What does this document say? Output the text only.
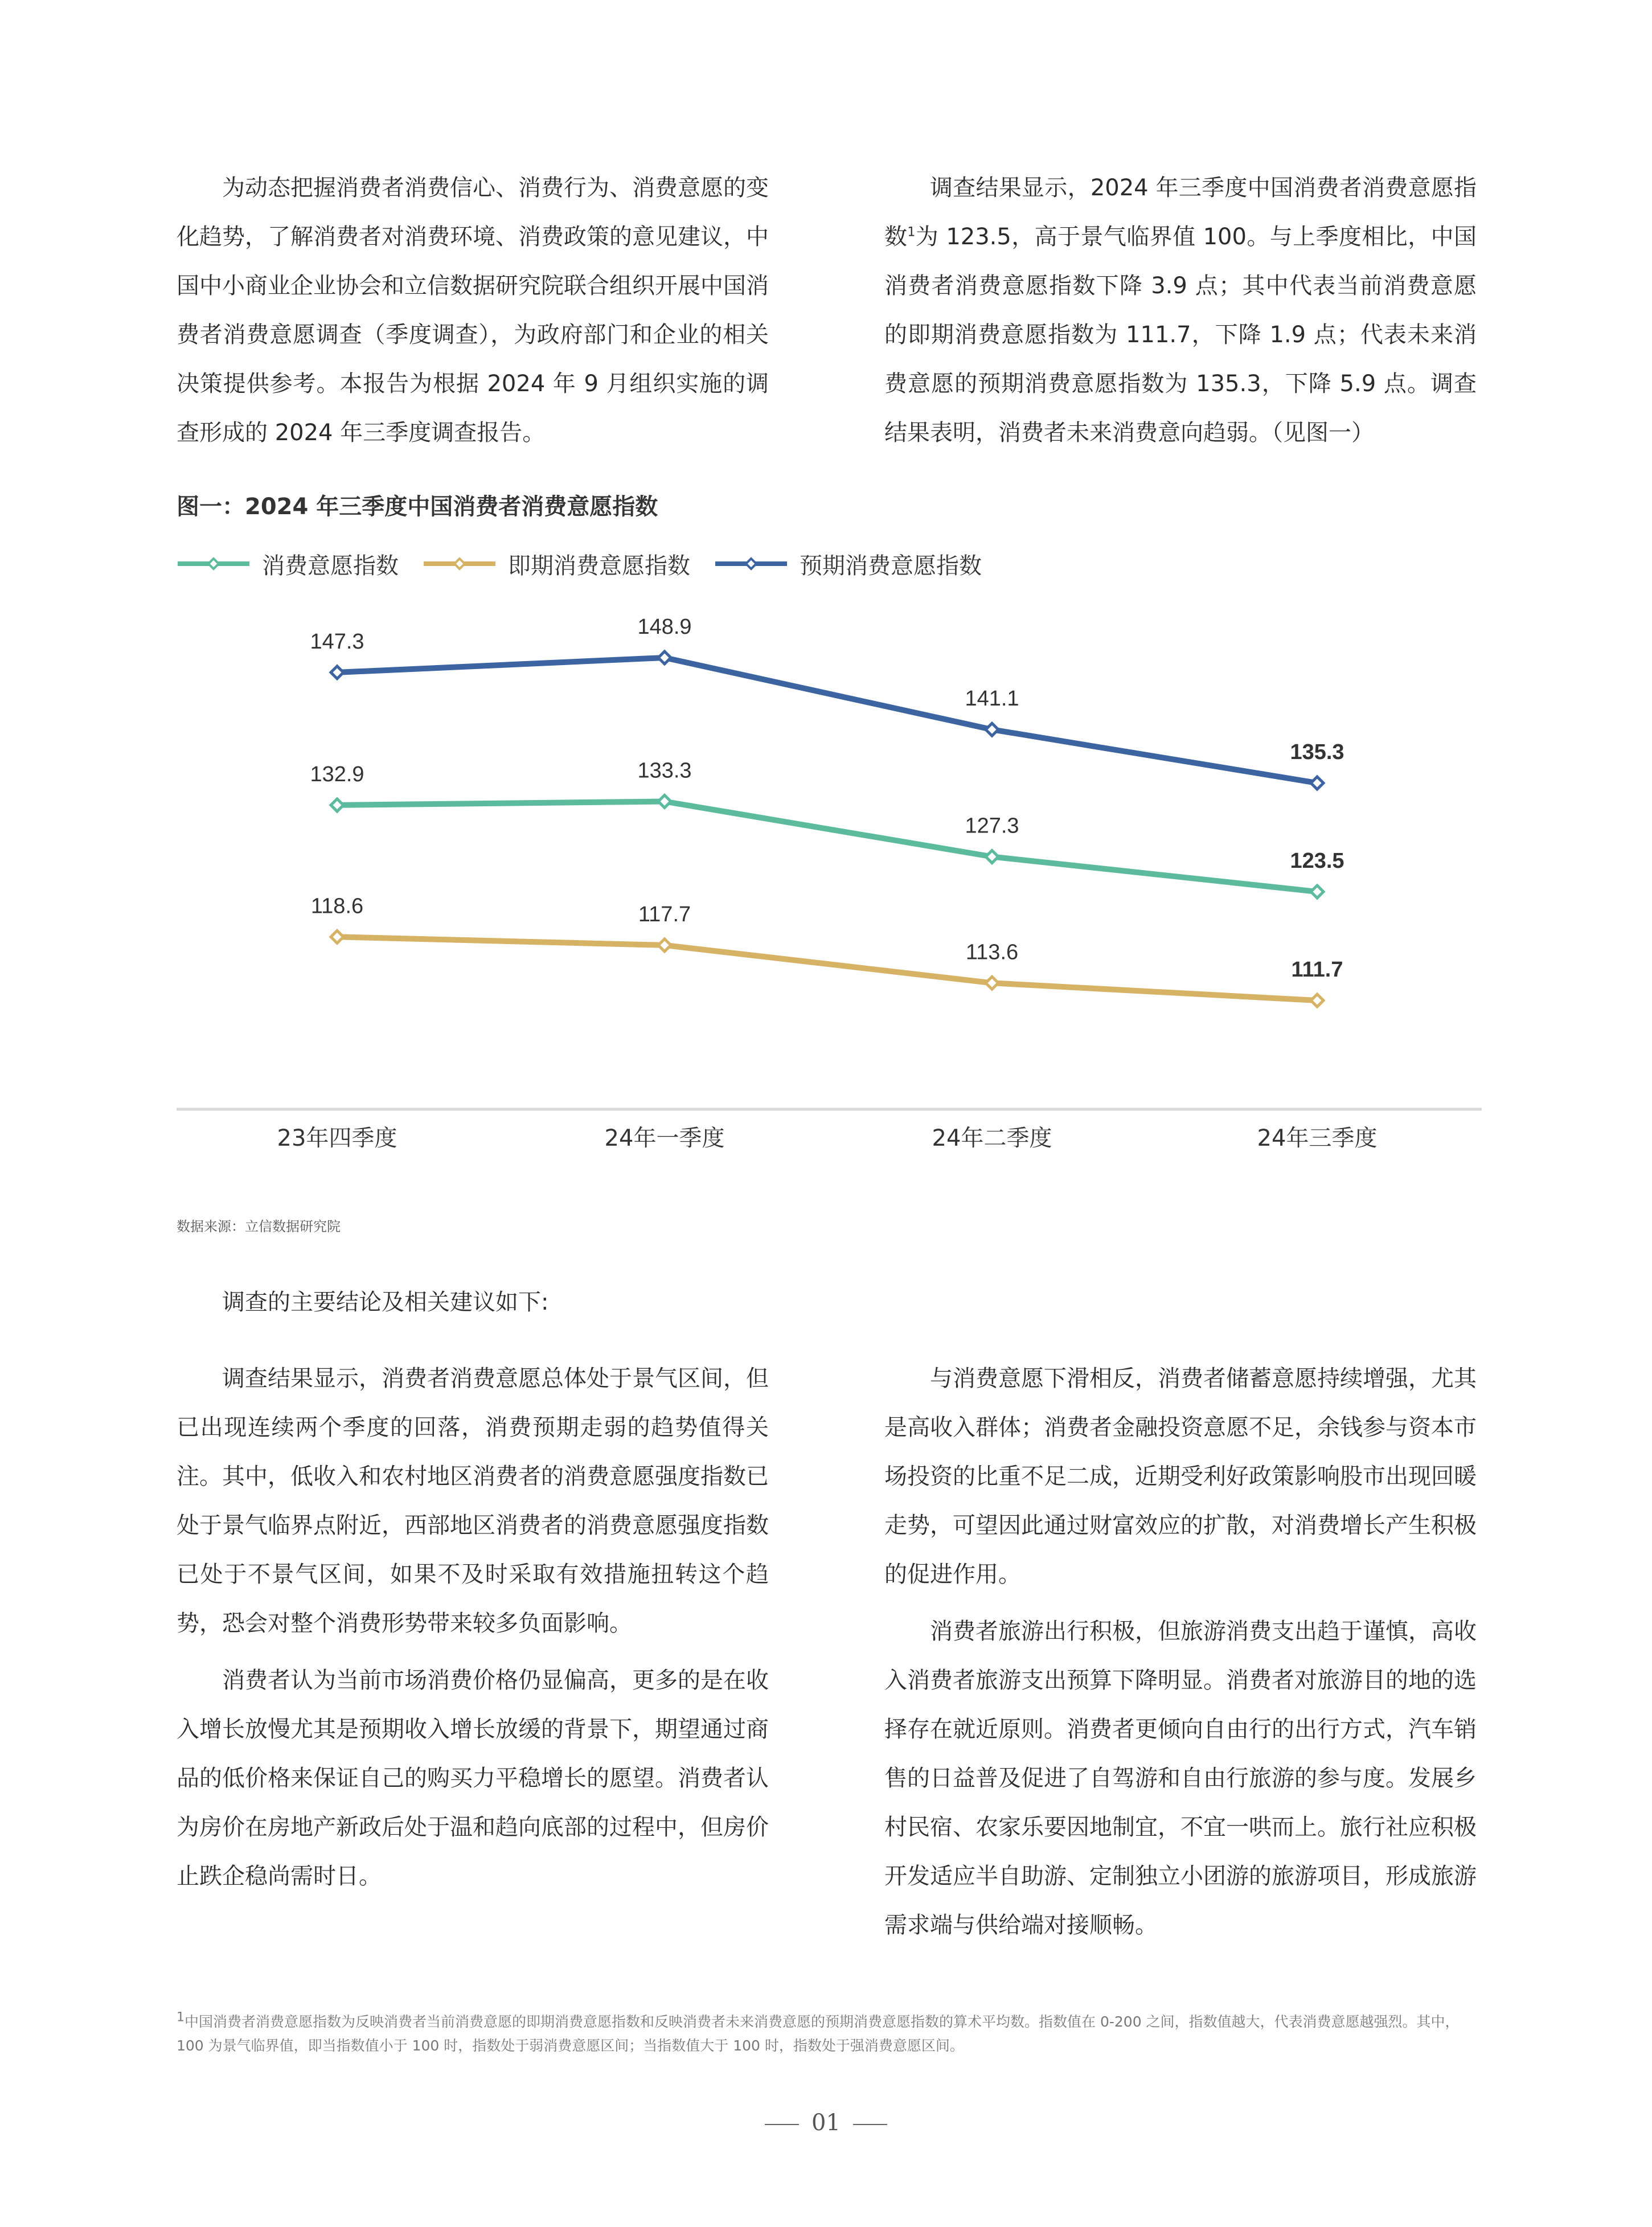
为动态把握消费者消费信心、消费行为、消费意愿的变化趋势，了解消费者对消费环境、消费政策的意见建议，中国中小商业企业协会和立信数据研究院联合组织开展中国消费者消费意愿调查（季度调查），为政府部门和企业的相关决策提供参考。本报告为根据 2024 年 9 月组织实施的调查形成的 2024 年三季度调查报告。

调查结果显示，2024 年三季度中国消费者消费意愿指数$^1$为 123.5，高于景气临界值 100。与上季度相比，中国消费者消费意愿指数下降 3.9 点；其中代表当前消费意愿的即期消费意愿指数为 111.7，下降 1.9 点；代表未来消费意愿的预期消费意愿指数为 135.3，下降 5.9 点。调查结果表明，消费者未来消费意向趋弱。（见图一）

图一：2024 年三季度中国消费者消费意愿指数
消费意愿指数	即期消费意愿指数	预期消费意愿指数
23年四季度	24年一季度	24年二季度	24年三季度
132.9	133.3
127.3
123.5
118.6	117.7
113.6
111.7
147.3
148.9
141.1
135.3
数据来源：立信数据研究院
调查的主要结论及相关建议如下:

调查结果显示，消费者消费意愿总体处于景气区间，但已出现连续两个季度的回落，消费预期走弱的趋势值得关注。其中，低收入和农村地区消费者的消费意愿强度指数已处于景气临界点附近，西部地区消费者的消费意愿强度指数已处于不景气区间，如果不及时采取有效措施扭转这个趋势，恐会对整个消费形势带来较多负面影响。

消费者认为当前市场消费价格仍显偏高，更多的是在收入增长放慢尤其是预期收入增长放缓的背景下，期望通过商品的低价格来保证自己的购买力平稳增长的愿望。消费者认为房价在房地产新政后处于温和趋向底部的过程中，但房价止跌企稳尚需时日。

与消费意愿下滑相反，消费者储蓄意愿持续增强，尤其是高收入群体；消费者金融投资意愿不足，余钱参与资本市场投资的比重不足二成，近期受利好政策影响股市出现回暖走势，可望因此通过财富效应的扩散，对消费增长产生积极的促进作用。

消费者旅游出行积极，但旅游消费支出趋于谨慎，高收入消费者旅游支出预算下降明显。消费者对旅游目的地的选择存在就近原则。消费者更倾向自由行的出行方式，汽车销售的日益普及促进了自驾游和自由行旅游的参与度。发展乡村民宿、农家乐要因地制宜，不宜一哄而上。旅行社应积极开发适应半自助游、定制独立小团游的旅游项目，形成旅游需求端与供给端对接顺畅。

$^1$中国消费者消费意愿指数为反映消费者当前消费意愿的即期消费意愿指数和反映消费者未来消费意愿的预期消费意愿指数的算术平均数。指数值在 0-200 之间，指数值越大，代表消费意愿越强烈。其中，100 为景气临界值，即当指数值小于 100 时，指数处于弱消费意愿区间；当指数值大于 100 时，指数处于强消费意愿区间。
01
